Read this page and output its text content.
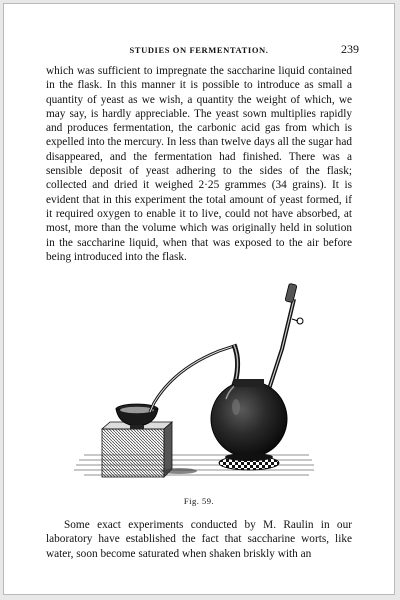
STUDIES ON FERMENTATION.	239

which was sufficient to impregnate the saccharine liquid contained in the flask. In this manner it is possible to introduce as small a quantity of yeast as we wish, a quantity the weight of which, we may say, is hardly appreciable. The yeast sown multiplies rapidly and produces fermentation, the carbonic acid gas from which is expelled into the mercury. In less than twelve days all the sugar had disappeared, and the fermentation had finished. There was a sensible deposit of yeast adhering to the sides of the flask; collected and dried it weighed 2·25 grammes (34 grains). It is evident that in this experiment the total amount of yeast formed, if it required oxygen to enable it to live, could not have absorbed, at most, more than the volume which was originally held in solution in the saccharine liquid, when that was exposed to the air before being introduced into the flask.

Fig. 59.

Some exact experiments conducted by M. Raulin in our laboratory have established the fact that saccharine worts, like water, soon become saturated when shaken briskly with an
